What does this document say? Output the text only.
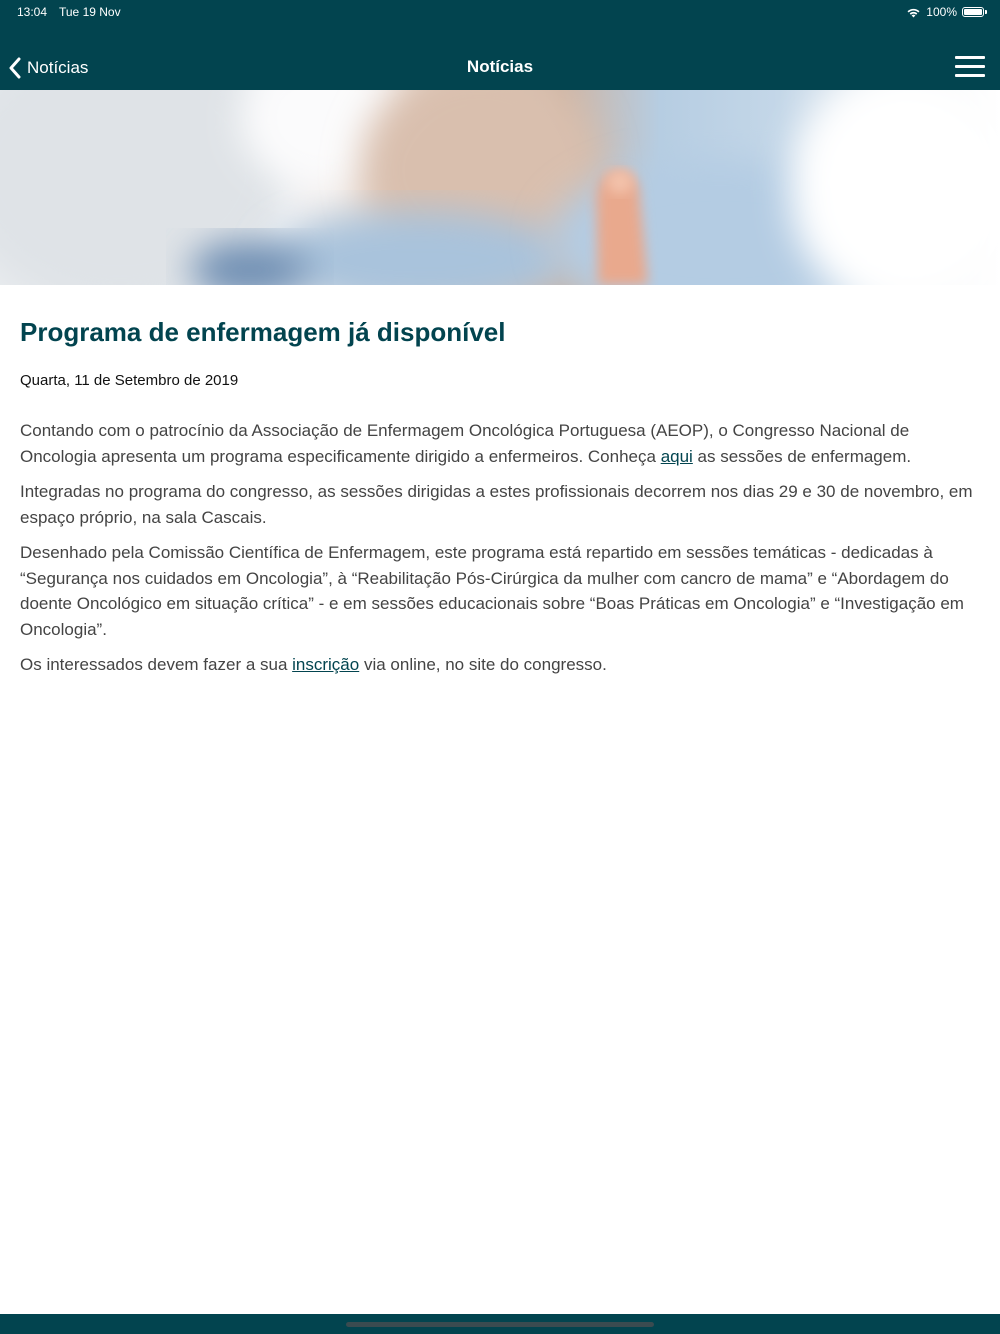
13:04 Tue 19 Nov	100%
Notícias	Notícias
Programa de enfermagem já disponível
Quarta, 11 de Setembro de 2019

Contando com o patrocínio da Associação de Enfermagem Oncológica Portuguesa (AEOP), o Congresso Nacional de Oncologia apresenta um programa especificamente dirigido a enfermeiros. Conheça aqui as sessões de enfermagem.

Integradas no programa do congresso, as sessões dirigidas a estes profissionais decorrem nos dias 29 e 30 de novembro, em espaço próprio, na sala Cascais.

Desenhado pela Comissão Científica de Enfermagem, este programa está repartido em sessões temáticas - dedicadas à “Segurança nos cuidados em Oncologia”, à “Reabilitação Pós-Cirúrgica da mulher com cancro de mama” e “Abordagem do doente Oncológico em situação crítica” - e em sessões educacionais sobre “Boas Práticas em Oncologia” e “Investigação em Oncologia”.

Os interessados devem fazer a sua inscrição via online, no site do congresso.
